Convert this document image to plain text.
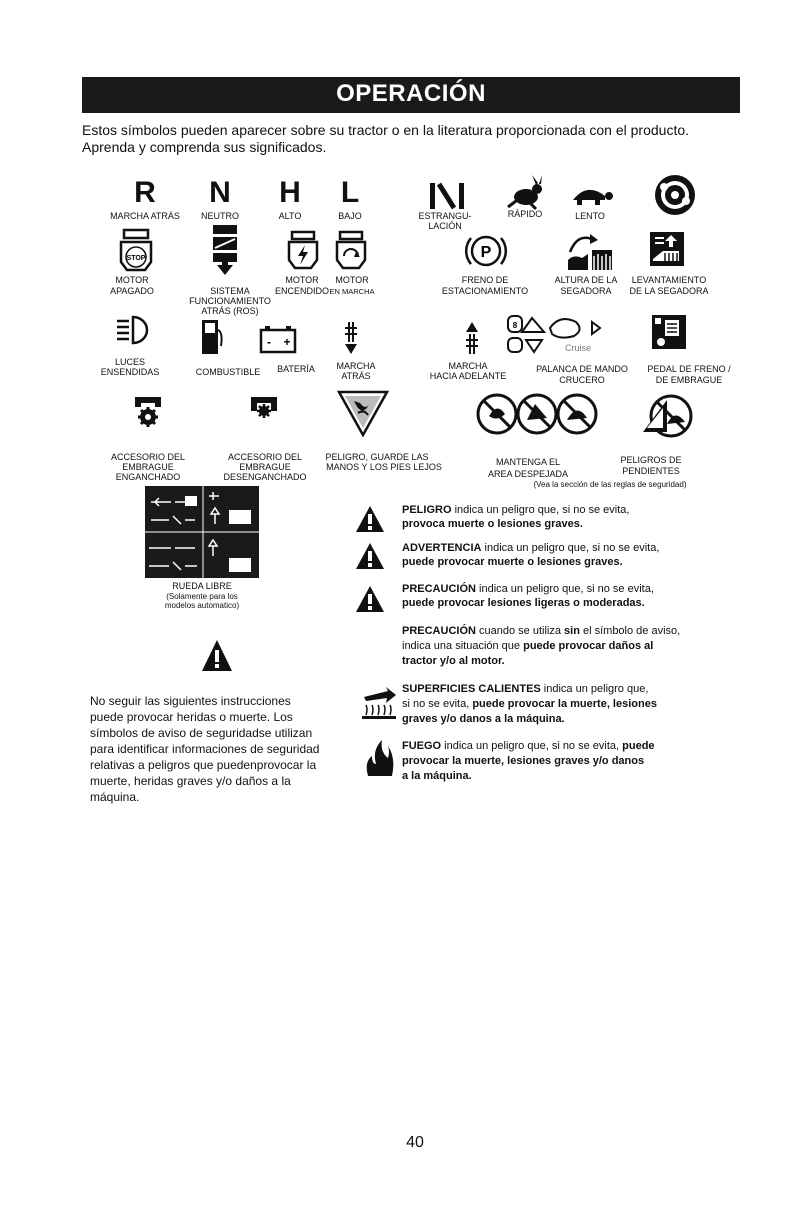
OPERACIÓN
Estos símbolos pueden aparecer sobre su tractor o en la literatura proporcionada con el producto.
Aprenda y comprenda sus significados.
R	N	H	L
MARCHA ATRÁS	NEUTRO	ALTO	BAJO	ESTRANGU-
LACIÓN
RÁPIDO	LENTO
STOP	P
MOTOR
APAGADO	SISTEMA
FUNCIONAMIENTO
ATRÁS (ROS)
MOTOR
ENCENDIDO
MOTOR
EN MARCHA
FRENO DE
ESTACIONAMIENTO
ALTURA DE LA
SEGADORA
LEVANTAMIENTO
DE LA SEGADORA
- +
8
Cruise
LUCES
ENSENDIDAS	COMBUSTIBLE	BATERÍA	MARCHA
ATRÁS
MARCHA
HACIA ADELANTE
PALANCA DE MANDO
CRUCERO
PEDAL DE FRENO /
DE EMBRAGUE
ACCESORIO DEL
EMBRAGUE
ENGANCHADO
ACCESORIO DEL
EMBRAGUE
DESENGANCHADO
PELIGRO, GUARDE LAS
MANOS Y LOS PIES LEJOS	MANTENGA EL
AREA DESPEJADA
PELIGROS DE
PENDIENTES
(Vea la sección de las reglas de seguridad)
RUEDA LIBRE
(Solamente para los
modelos automatico)
PELIGRO indica un peligro que, si no se evita,
provoca muerte o lesiones graves.
ADVERTENCIA indica un peligro que, si no se evita,
puede provocar muerte o lesiones graves.
PRECAUCIÓN indica un peligro que, si no se evita,
puede provocar lesiones ligeras o moderadas.
PRECAUCIÓN cuando se utiliza sin el símbolo de aviso,
indica una situación que puede provocar daños al
tractor y/o al motor.
SUPERFICIES CALIENTES indica un peligro que,
si no se evita, puede provocar la muerte, lesiones
graves y/o danos a la máquina.
FUEGO indica un peligro que, si no se evita, puede
provocar la muerte, lesiones graves y/o danos
a la máquina.
No seguir las siguientes instrucciones
puede provocar heridas o muerte. Los
símbolos de aviso de seguridadse utilizan
para identificar informaciones de seguridad
relativas a peligros que puedenprovocar la
muerte, heridas graves y/o daños a la
máquina.
40
